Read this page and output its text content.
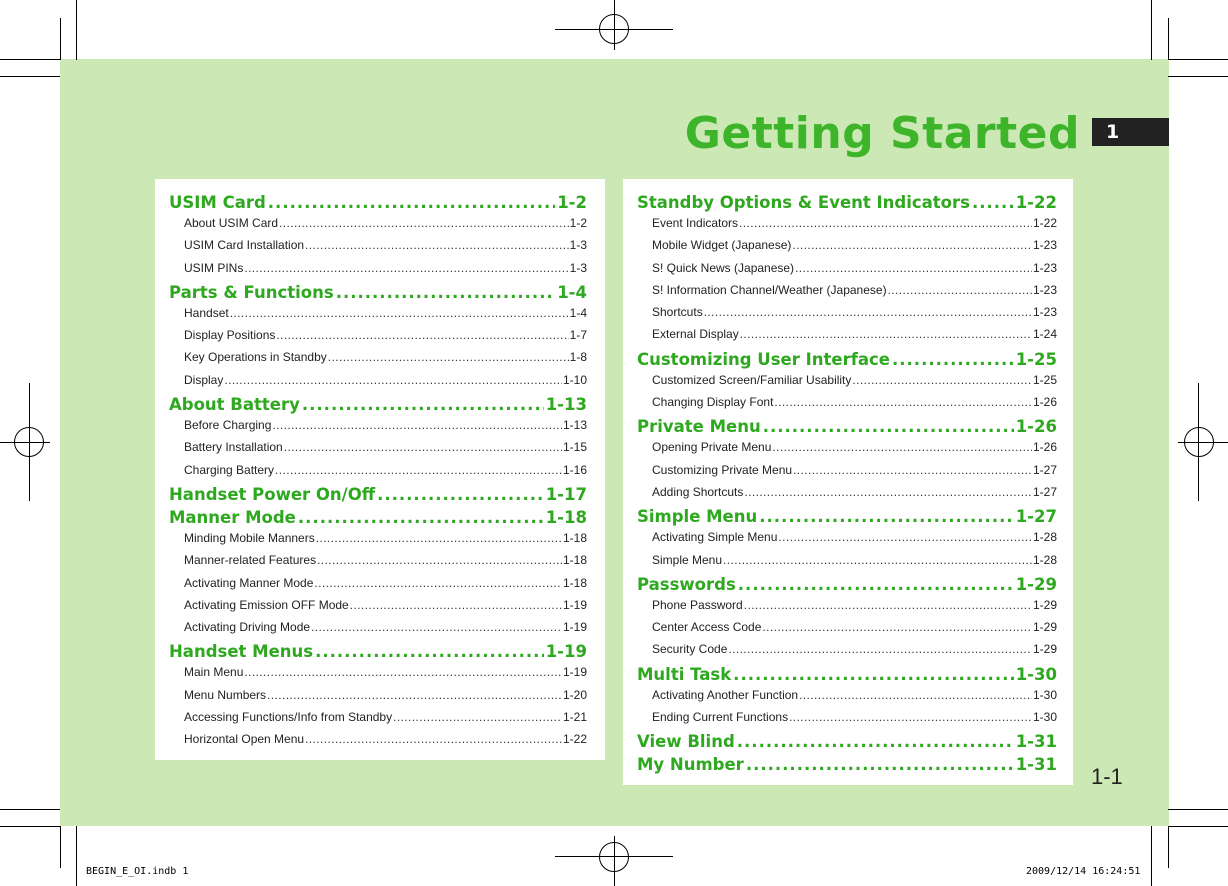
Getting Started	1
USIM Card .....	1-2
About USIM Card .....	1-2
USIM Card Installation .....	1-3
USIM PINs .....	1-3
Parts & Functions .....	1-4
Handset .....	1-4
Display Positions .....	1-7
Key Operations in Standby .....	1-8
Display .....	1-10
About Battery .....	1-13
Before Charging .....	1-13
Battery Installation .....	1-15
Charging Battery .....	1-16
Handset Power On/Off .....	1-17
Manner Mode .....	1-18
Minding Mobile Manners .....	1-18
Manner-related Features .....	1-18
Activating Manner Mode .....	1-18
Activating Emission OFF Mode .....	1-19
Activating Driving Mode .....	1-19
Handset Menus .....	1-19
Main Menu .....	1-19
Menu Numbers .....	1-20
Accessing Functions/Info from Standby .....	1-21
Horizontal Open Menu .....	1-22
Standby Options & Event Indicators .....	1-22
Event Indicators .....	1-22
Mobile Widget (Japanese) .....	1-23
S! Quick News (Japanese) .....	1-23
S! Information Channel/Weather (Japanese) .....	1-23
Shortcuts .....	1-23
External Display .....	1-24
Customizing User Interface .....	1-25
Customized Screen/Familiar Usability .....	1-25
Changing Display Font .....	1-26
Private Menu .....	1-26
Opening Private Menu .....	1-26
Customizing Private Menu .....	1-27
Adding Shortcuts .....	1-27
Simple Menu .....	1-27
Activating Simple Menu .....	1-28
Simple Menu .....	1-28
Passwords .....	1-29
Phone Password .....	1-29
Center Access Code .....	1-29
Security Code .....	1-29
Multi Task .....	1-30
Activating Another Function .....	1-30
Ending Current Functions .....	1-30
View Blind .....	1-31
My Number .....	1-31 1-1
BEGIN_E_OI.indb 1	2009/12/14 16:24:51
